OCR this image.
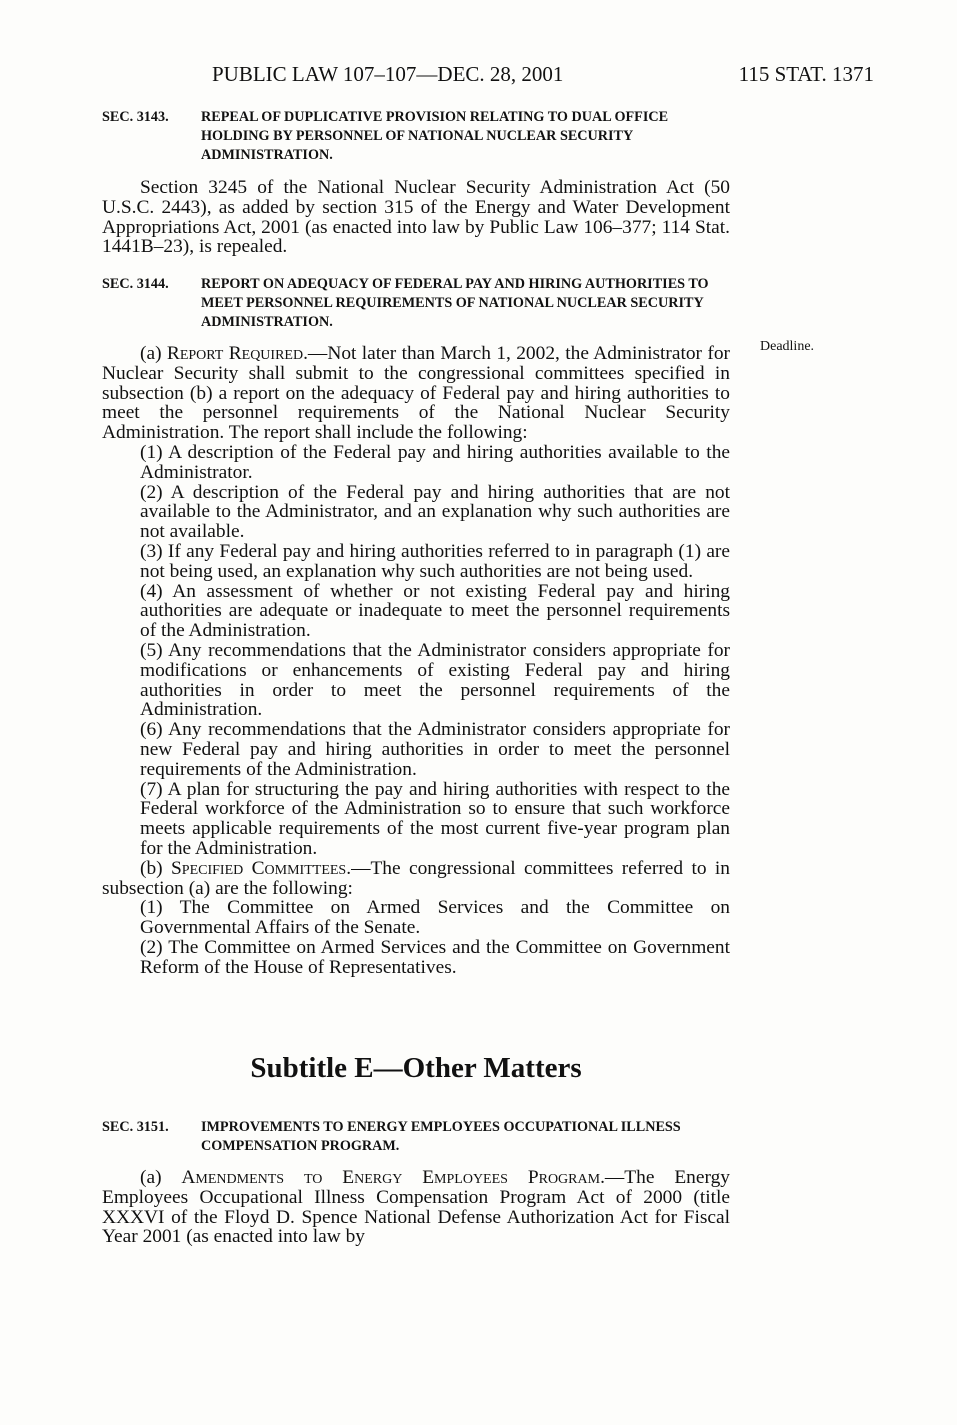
PUBLIC LAW 107–107—DEC. 28, 2001	115 STAT. 1371

SEC. 3143. REPEAL OF DUPLICATIVE PROVISION RELATING TO DUAL OFFICE HOLDING BY PERSONNEL OF NATIONAL NUCLEAR SECURITY ADMINISTRATION.

Section 3245 of the National Nuclear Security Administration Act (50 U.S.C. 2443), as added by section 315 of the Energy and Water Development Appropriations Act, 2001 (as enacted into law by Public Law 106–377; 114 Stat. 1441B–23), is repealed.

SEC. 3144. REPORT ON ADEQUACY OF FEDERAL PAY AND HIRING AUTHORITIES TO MEET PERSONNEL REQUIREMENTS OF NATIONAL NUCLEAR SECURITY ADMINISTRATION.

(a) Report Required.—Not later than March 1, 2002, the Administrator for Nuclear Security shall submit to the congressional committees specified in subsection (b) a report on the adequacy of Federal pay and hiring authorities to meet the personnel requirements of the National Nuclear Security Administration. The report shall include the following:

(1) A description of the Federal pay and hiring authorities available to the Administrator.

(2) A description of the Federal pay and hiring authorities that are not available to the Administrator, and an explanation why such authorities are not available.

(3) If any Federal pay and hiring authorities referred to in paragraph (1) are not being used, an explanation why such authorities are not being used.

(4) An assessment of whether or not existing Federal pay and hiring authorities are adequate or inadequate to meet the personnel requirements of the Administration.

(5) Any recommendations that the Administrator considers appropriate for modifications or enhancements of existing Federal pay and hiring authorities in order to meet the personnel requirements of the Administration.

(6) Any recommendations that the Administrator considers appropriate for new Federal pay and hiring authorities in order to meet the personnel requirements of the Administration.

(7) A plan for structuring the pay and hiring authorities with respect to the Federal workforce of the Administration so to ensure that such workforce meets applicable requirements of the most current five-year program plan for the Administration.

(b) Specified Committees.—The congressional committees referred to in subsection (a) are the following:

(1) The Committee on Armed Services and the Committee on Governmental Affairs of the Senate.

(2) The Committee on Armed Services and the Committee on Government Reform of the House of Representatives.

Deadline.
Subtitle E—Other Matters

SEC. 3151. IMPROVEMENTS TO ENERGY EMPLOYEES OCCUPATIONAL ILLNESS COMPENSATION PROGRAM.

(a) Amendments to Energy Employees Program.—The Energy Employees Occupational Illness Compensation Program Act of 2000 (title XXXVI of the Floyd D. Spence National Defense Authorization Act for Fiscal Year 2001 (as enacted into law by
